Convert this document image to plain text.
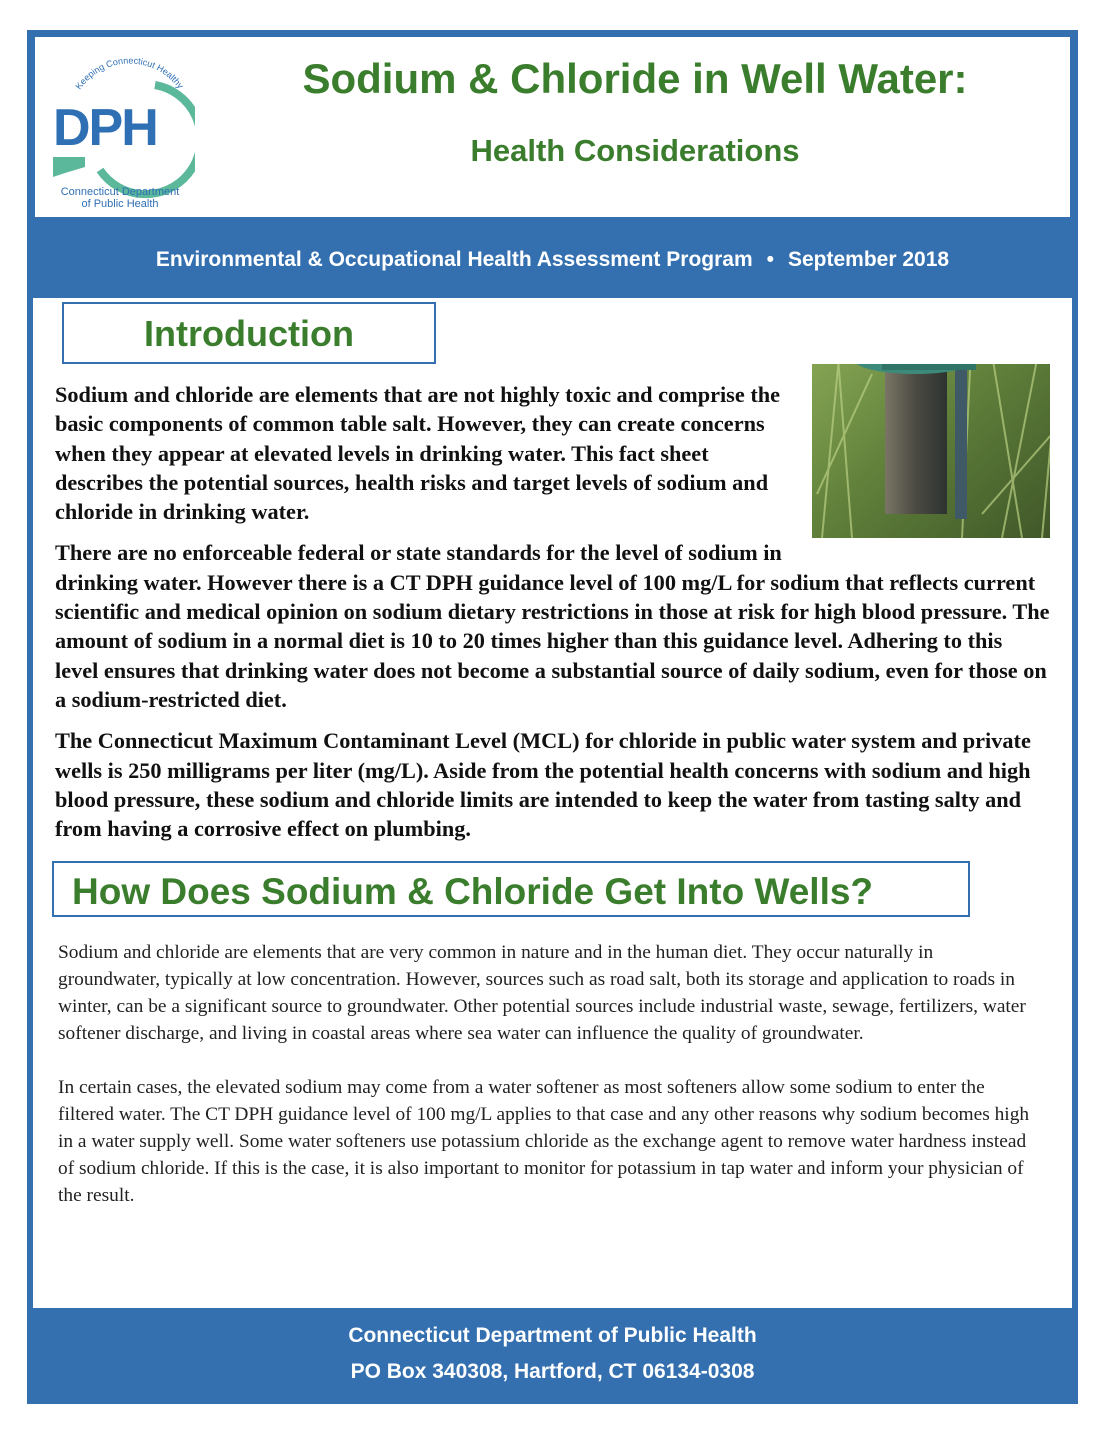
Keeping Connecticut Healthy
DPH
Connecticut Department
of Public Health
Sodium & Chloride in Well Water:
Health Considerations
Environmental & Occupational Health Assessment Program • September 2018
Introduction

Sodium and chloride are elements that are not highly toxic and comprise the basic components of common table salt. However, they can create concerns when they appear at elevated levels in drinking water. This fact sheet describes the potential sources, health risks and target levels of sodium and chloride in drinking water.

There are no enforceable federal or state standards for the level of sodium in drinking water. However there is a CT DPH guidance level of 100 mg/L for sodium that reflects current scientific and medical opinion on sodium dietary restrictions in those at risk for high blood pressure. The amount of sodium in a normal diet is 10 to 20 times higher than this guidance level. Adhering to this level ensures that drinking water does not become a substantial source of daily sodium, even for those on a sodium-restricted diet.

The Connecticut Maximum Contaminant Level (MCL) for chloride in public water system and private wells is 250 milligrams per liter (mg/L). Aside from the potential health concerns with sodium and high blood pressure, these sodium and chloride limits are intended to keep the water from tasting salty and from having a corrosive effect on plumbing.

How Does Sodium & Chloride Get Into Wells?

Sodium and chloride are elements that are very common in nature and in the human diet. They occur naturally in groundwater, typically at low concentration. However, sources such as road salt, both its storage and application to roads in winter, can be a significant source to groundwater. Other potential sources include industrial waste, sewage, fertilizers, water softener discharge, and living in coastal areas where sea water can influence the quality of groundwater.

In certain cases, the elevated sodium may come from a water softener as most softeners allow some sodium to enter the filtered water. The CT DPH guidance level of 100 mg/L applies to that case and any other reasons why sodium becomes high in a water supply well. Some water softeners use potassium chloride as the exchange agent to remove water hardness instead of sodium chloride. If this is the case, it is also important to monitor for potassium in tap water and inform your physician of the result.

Connecticut Department of Public Health
PO Box 340308, Hartford, CT 06134-0308
